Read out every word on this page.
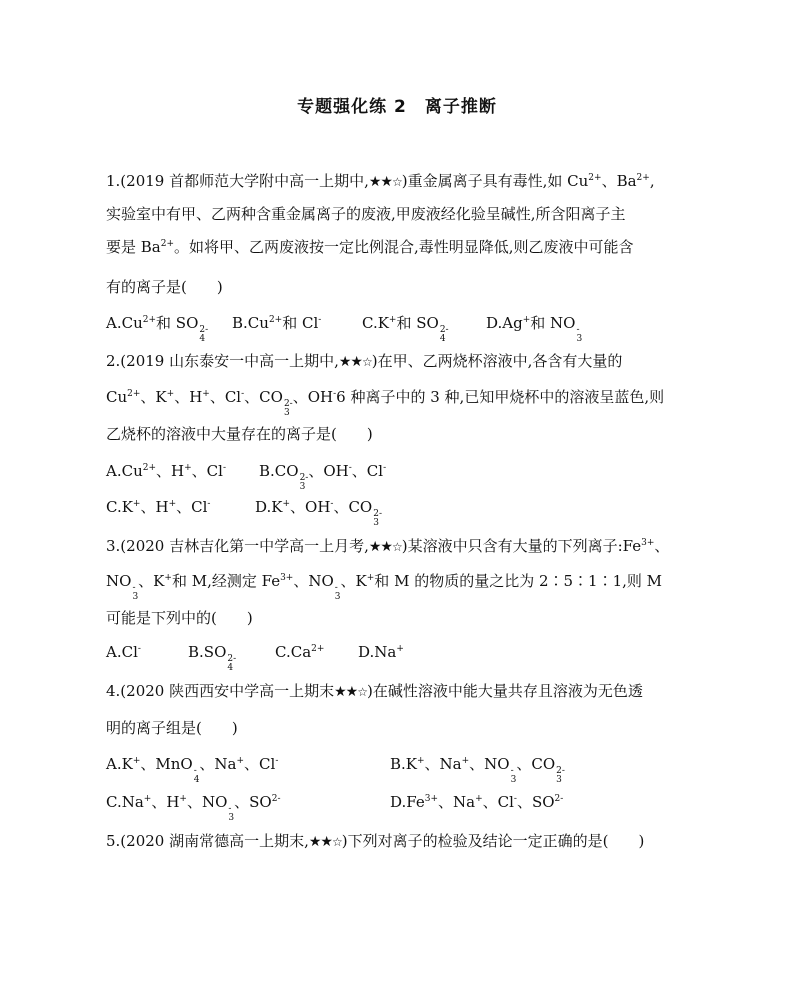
专题强化练 2 离子推断
1.(2019 首都师范大学附中高一上期中,★★☆)重金属离子具有毒性,如 $Cu^{2+}$、$Ba^{2+}$,
实验室中有甲、乙两种含重金属离子的废液,甲废液经化验呈碱性,所含阳离子主
要是 $Ba^{2+}$。如将甲、乙两废液按一定比例混合,毒性明显降低,则乙废液中可能含
有的离子是(　　)
$A.Cu^{2+}$和 SO 2-
4
$B.Cu^{2+}$和 Cl-	C.K+和 SO 2-
4
D.Ag+和 NO -
3
2.(2019 山东泰安一中高一上期中,★★☆)在甲、乙两烧杯溶液中,各含有大量的
$Cu^{2+}$、K+、H+、Cl-、CO 2-
3
、OH-6 种离子中的 3 种,已知甲烧杯中的溶液呈蓝色,则
乙烧杯的溶液中大量存在的离子是(　　)
$A.Cu^{2+}$、H+、Cl- B.CO 2-
3
、OH-、Cl-
C.K+、H+、Cl-	D.K+、OH-、CO 2-
3
3.(2020 吉林吉化第一中学高一上月考,★★☆)某溶液中只含有大量的下列离子$:Fe^{3+}$、
NO -
3
、K+和 M,经测定 $Fe^{3+}$、NO -
3
、K+和 M 的物质的量之比为 2∶5∶1∶1,则 M
可能是下列中的(　　)
A.Cl-	B.SO 2-
4
$C.Ca^{2+}$ D.Na+
4.(2020 陕西西安中学高一上期末★★☆)在碱性溶液中能大量共存且溶液为无色透
明的离子组是(　　)
A.K+、MnO -
4
、Na+、Cl-	B.K+、Na+、NO -
3
、CO 2-
3
C.Na+、H+、NO -
3
、$SO^{2-}$	$D.Fe^{3+}$、Na+、Cl-、$SO^{2-}$
5.(2020 湖南常德高一上期末,★★☆)下列对离子的检验及结论一定正确的是(　　)
